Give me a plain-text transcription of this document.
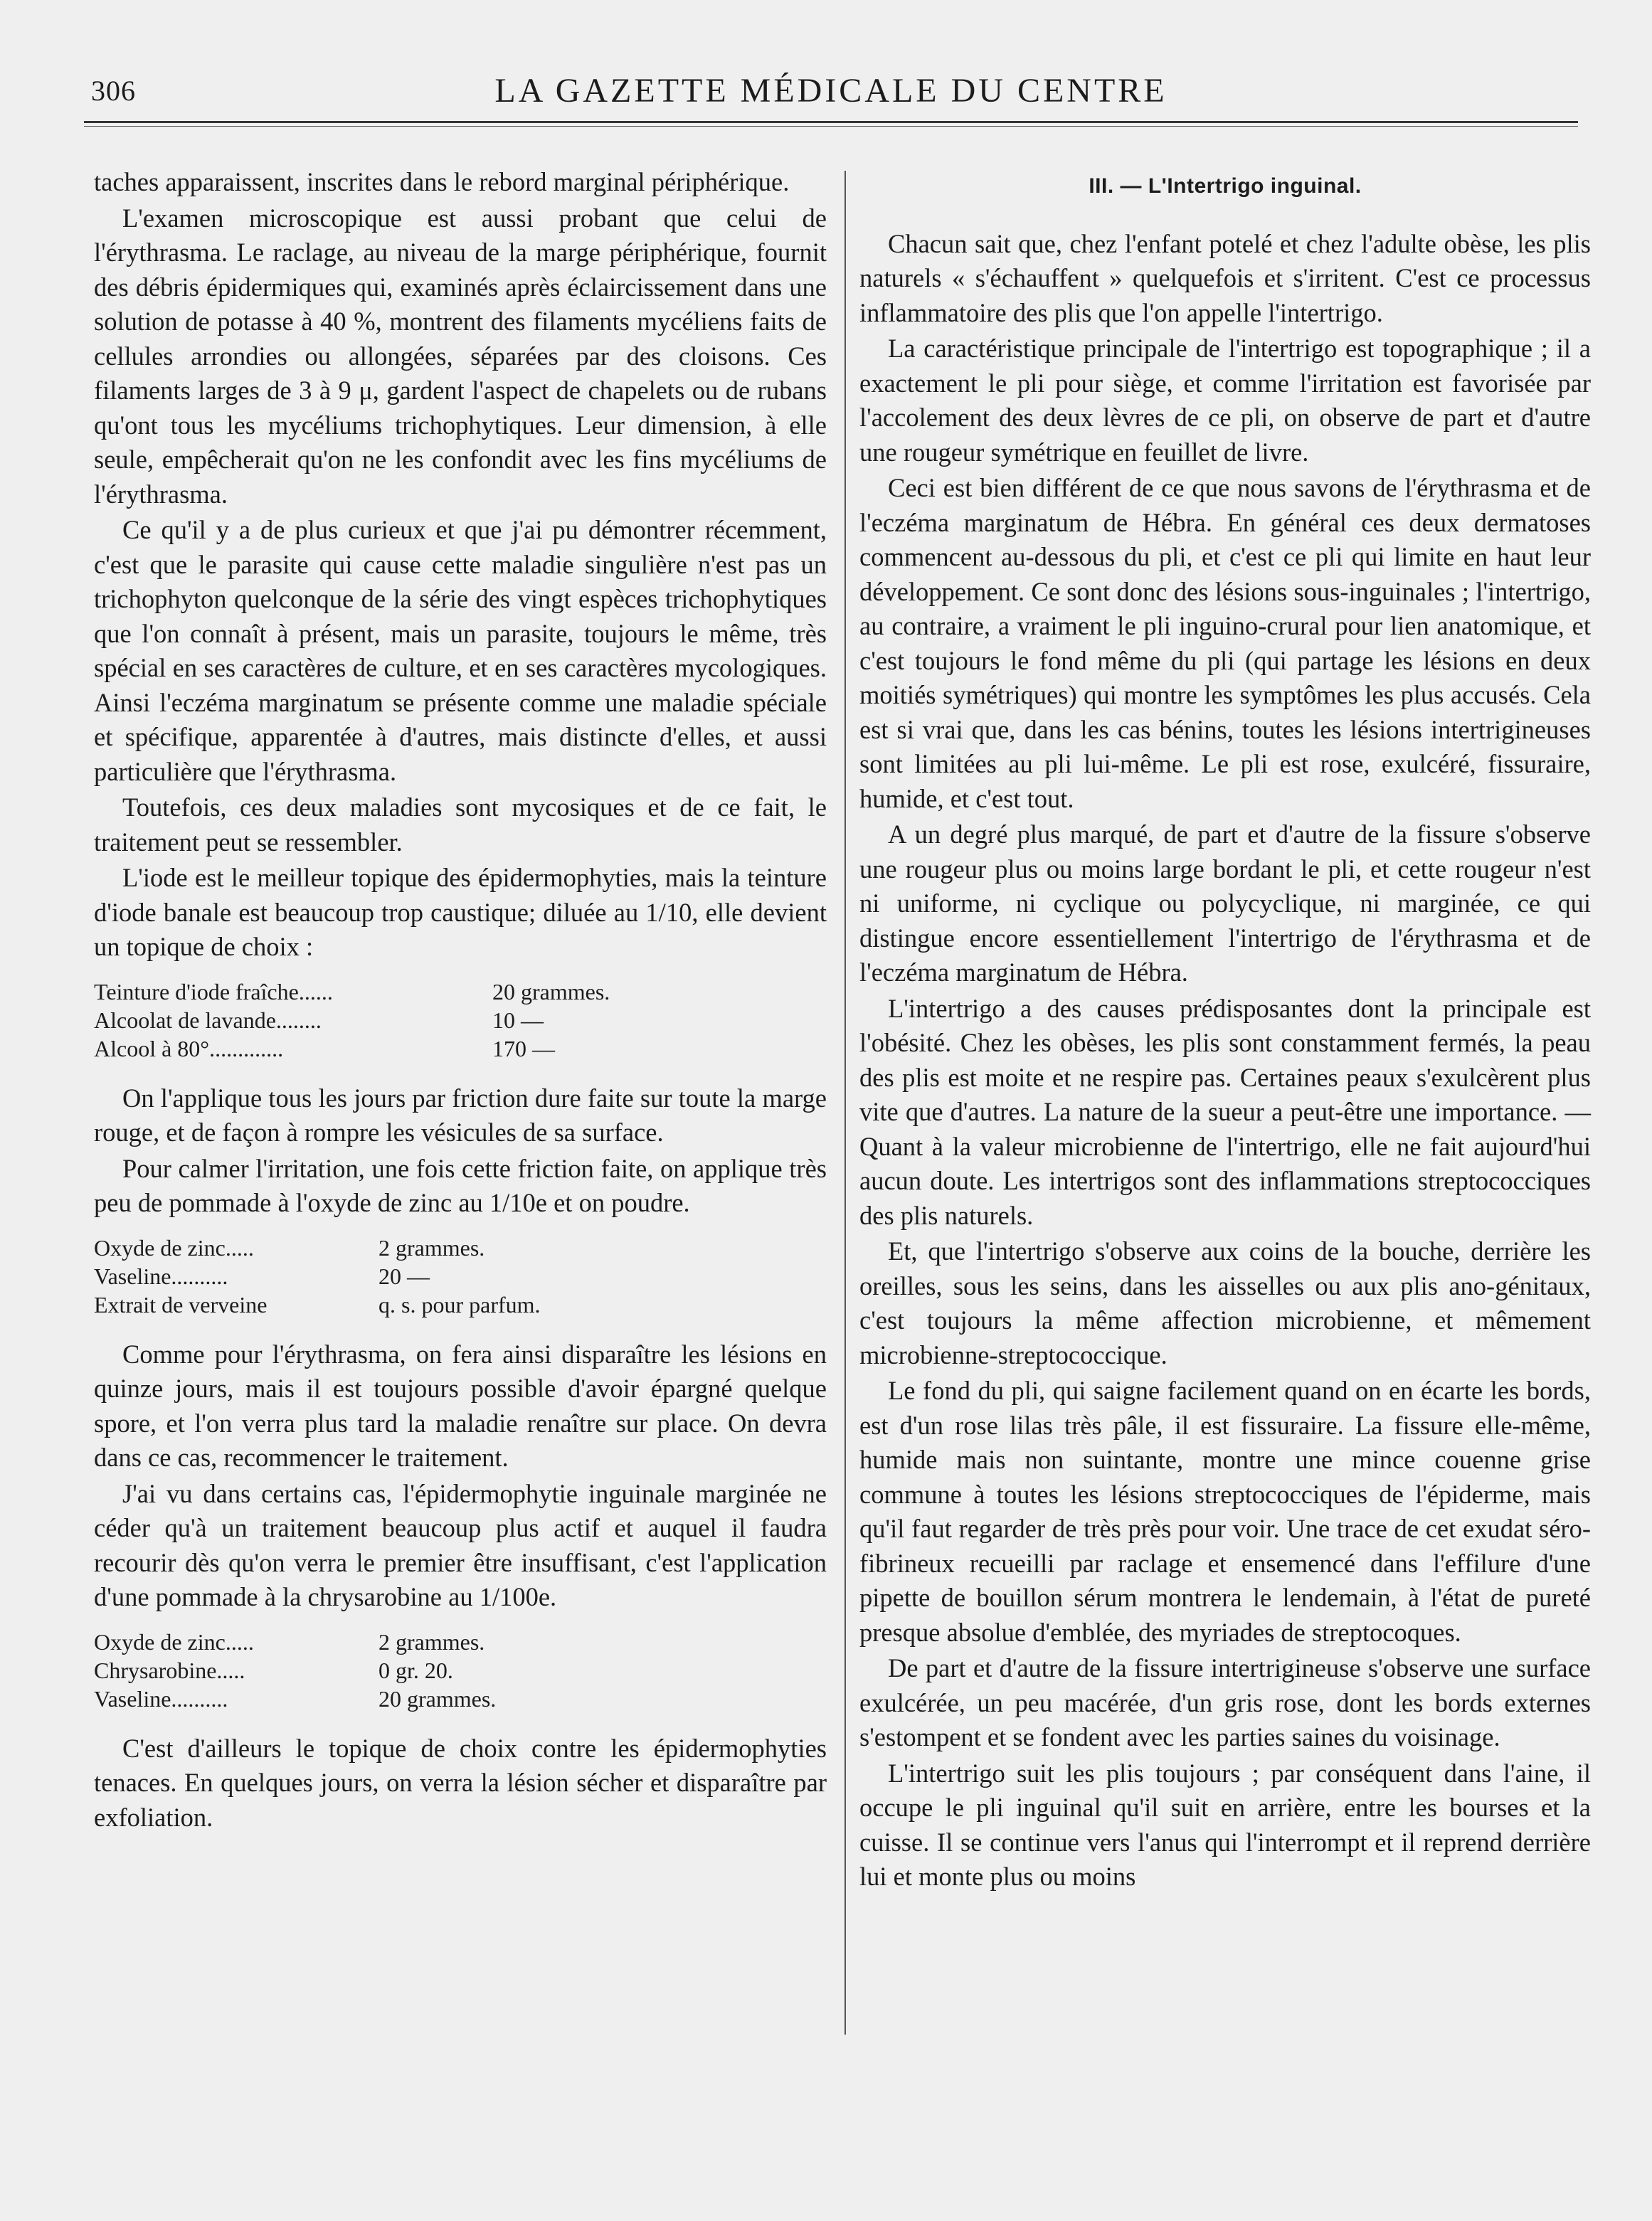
306	LA GAZETTE MÉDICALE DU CENTRE

taches apparaissent, inscrites dans le rebord marginal périphérique.

L'examen microscopique est aussi probant que celui de l'érythrasma. Le raclage, au niveau de la marge périphérique, fournit des débris épidermiques qui, examinés après éclaircissement dans une solution de potasse à 40 %, montrent des filaments mycéliens faits de cellules arrondies ou allongées, séparées par des cloisons. Ces filaments larges de 3 à 9 μ, gardent l'aspect de chapelets ou de rubans qu'ont tous les mycéliums trichophytiques. Leur dimension, à elle seule, empêcherait qu'on ne les confondit avec les fins mycéliums de l'érythrasma.

Ce qu'il y a de plus curieux et que j'ai pu démontrer récemment, c'est que le parasite qui cause cette maladie singulière n'est pas un trichophyton quelconque de la série des vingt espèces trichophytiques que l'on connaît à présent, mais un parasite, toujours le même, très spécial en ses caractères de culture, et en ses caractères mycologiques. Ainsi l'eczéma marginatum se présente comme une maladie spéciale et spécifique, apparentée à d'autres, mais distincte d'elles, et aussi particulière que l'érythrasma.

Toutefois, ces deux maladies sont mycosiques et de ce fait, le traitement peut se ressembler.

L'iode est le meilleur topique des épidermophyties, mais la teinture d'iode banale est beaucoup trop caustique; diluée au 1/10, elle devient un topique de choix :

Teinture d'iode fraîche......	20 grammes.
Alcoolat de lavande........	10 —
Alcool à 80°.............	170 —

On l'applique tous les jours par friction dure faite sur toute la marge rouge, et de façon à rompre les vésicules de sa surface.

Pour calmer l'irritation, une fois cette friction faite, on applique très peu de pommade à l'oxyde de zinc au 1/10e et on poudre.

Oxyde de zinc.....	2 grammes.
Vaseline..........	20 —
Extrait de verveine	q. s. pour parfum.

Comme pour l'érythrasma, on fera ainsi disparaître les lésions en quinze jours, mais il est toujours possible d'avoir épargné quelque spore, et l'on verra plus tard la maladie renaître sur place. On devra dans ce cas, recommencer le traitement.

J'ai vu dans certains cas, l'épidermophytie inguinale marginée ne céder qu'à un traitement beaucoup plus actif et auquel il faudra recourir dès qu'on verra le premier être insuffisant, c'est l'application d'une pommade à la chrysarobine au 1/100e.

Oxyde de zinc.....	2 grammes.
Chrysarobine.....	0 gr. 20.
Vaseline..........	20 grammes.

C'est d'ailleurs le topique de choix contre les épidermophyties tenaces. En quelques jours, on verra la lésion sécher et disparaître par exfoliation.

III. — L'Intertrigo inguinal.

Chacun sait que, chez l'enfant potelé et chez l'adulte obèse, les plis naturels « s'échauffent » quelquefois et s'irritent. C'est ce processus inflammatoire des plis que l'on appelle l'intertrigo.

La caractéristique principale de l'intertrigo est topographique ; il a exactement le pli pour siège, et comme l'irritation est favorisée par l'accolement des deux lèvres de ce pli, on observe de part et d'autre une rougeur symétrique en feuillet de livre.

Ceci est bien différent de ce que nous savons de l'érythrasma et de l'eczéma marginatum de Hébra. En général ces deux dermatoses commencent au-dessous du pli, et c'est ce pli qui limite en haut leur développement. Ce sont donc des lésions sous-inguinales ; l'intertrigo, au contraire, a vraiment le pli inguino-crural pour lien anatomique, et c'est toujours le fond même du pli (qui partage les lésions en deux moitiés symétriques) qui montre les symptômes les plus accusés. Cela est si vrai que, dans les cas bénins, toutes les lésions intertrigineuses sont limitées au pli lui-même. Le pli est rose, exulcéré, fissuraire, humide, et c'est tout.

A un degré plus marqué, de part et d'autre de la fissure s'observe une rougeur plus ou moins large bordant le pli, et cette rougeur n'est ni uniforme, ni cyclique ou polycyclique, ni marginée, ce qui distingue encore essentiellement l'intertrigo de l'érythrasma et de l'eczéma marginatum de Hébra.

L'intertrigo a des causes prédisposantes dont la principale est l'obésité. Chez les obèses, les plis sont constamment fermés, la peau des plis est moite et ne respire pas. Certaines peaux s'exulcèrent plus vite que d'autres. La nature de la sueur a peut-être une importance. — Quant à la valeur microbienne de l'intertrigo, elle ne fait aujourd'hui aucun doute. Les intertrigos sont des inflammations streptococciques des plis naturels.

Et, que l'intertrigo s'observe aux coins de la bouche, derrière les oreilles, sous les seins, dans les aisselles ou aux plis ano-génitaux, c'est toujours la même affection microbienne, et mêmement microbienne-streptococcique.

Le fond du pli, qui saigne facilement quand on en écarte les bords, est d'un rose lilas très pâle, il est fissuraire. La fissure elle-même, humide mais non suintante, montre une mince couenne grise commune à toutes les lésions streptococciques de l'épiderme, mais qu'il faut regarder de très près pour voir. Une trace de cet exudat séro-fibrineux recueilli par raclage et ensemencé dans l'effilure d'une pipette de bouillon sérum montrera le lendemain, à l'état de pureté presque absolue d'emblée, des myriades de streptocoques.

De part et d'autre de la fissure intertrigineuse s'observe une surface exulcérée, un peu macérée, d'un gris rose, dont les bords externes s'estompent et se fondent avec les parties saines du voisinage.

L'intertrigo suit les plis toujours ; par conséquent dans l'aine, il occupe le pli inguinal qu'il suit en arrière, entre les bourses et la cuisse. Il se continue vers l'anus qui l'interrompt et il reprend derrière lui et monte plus ou moins
